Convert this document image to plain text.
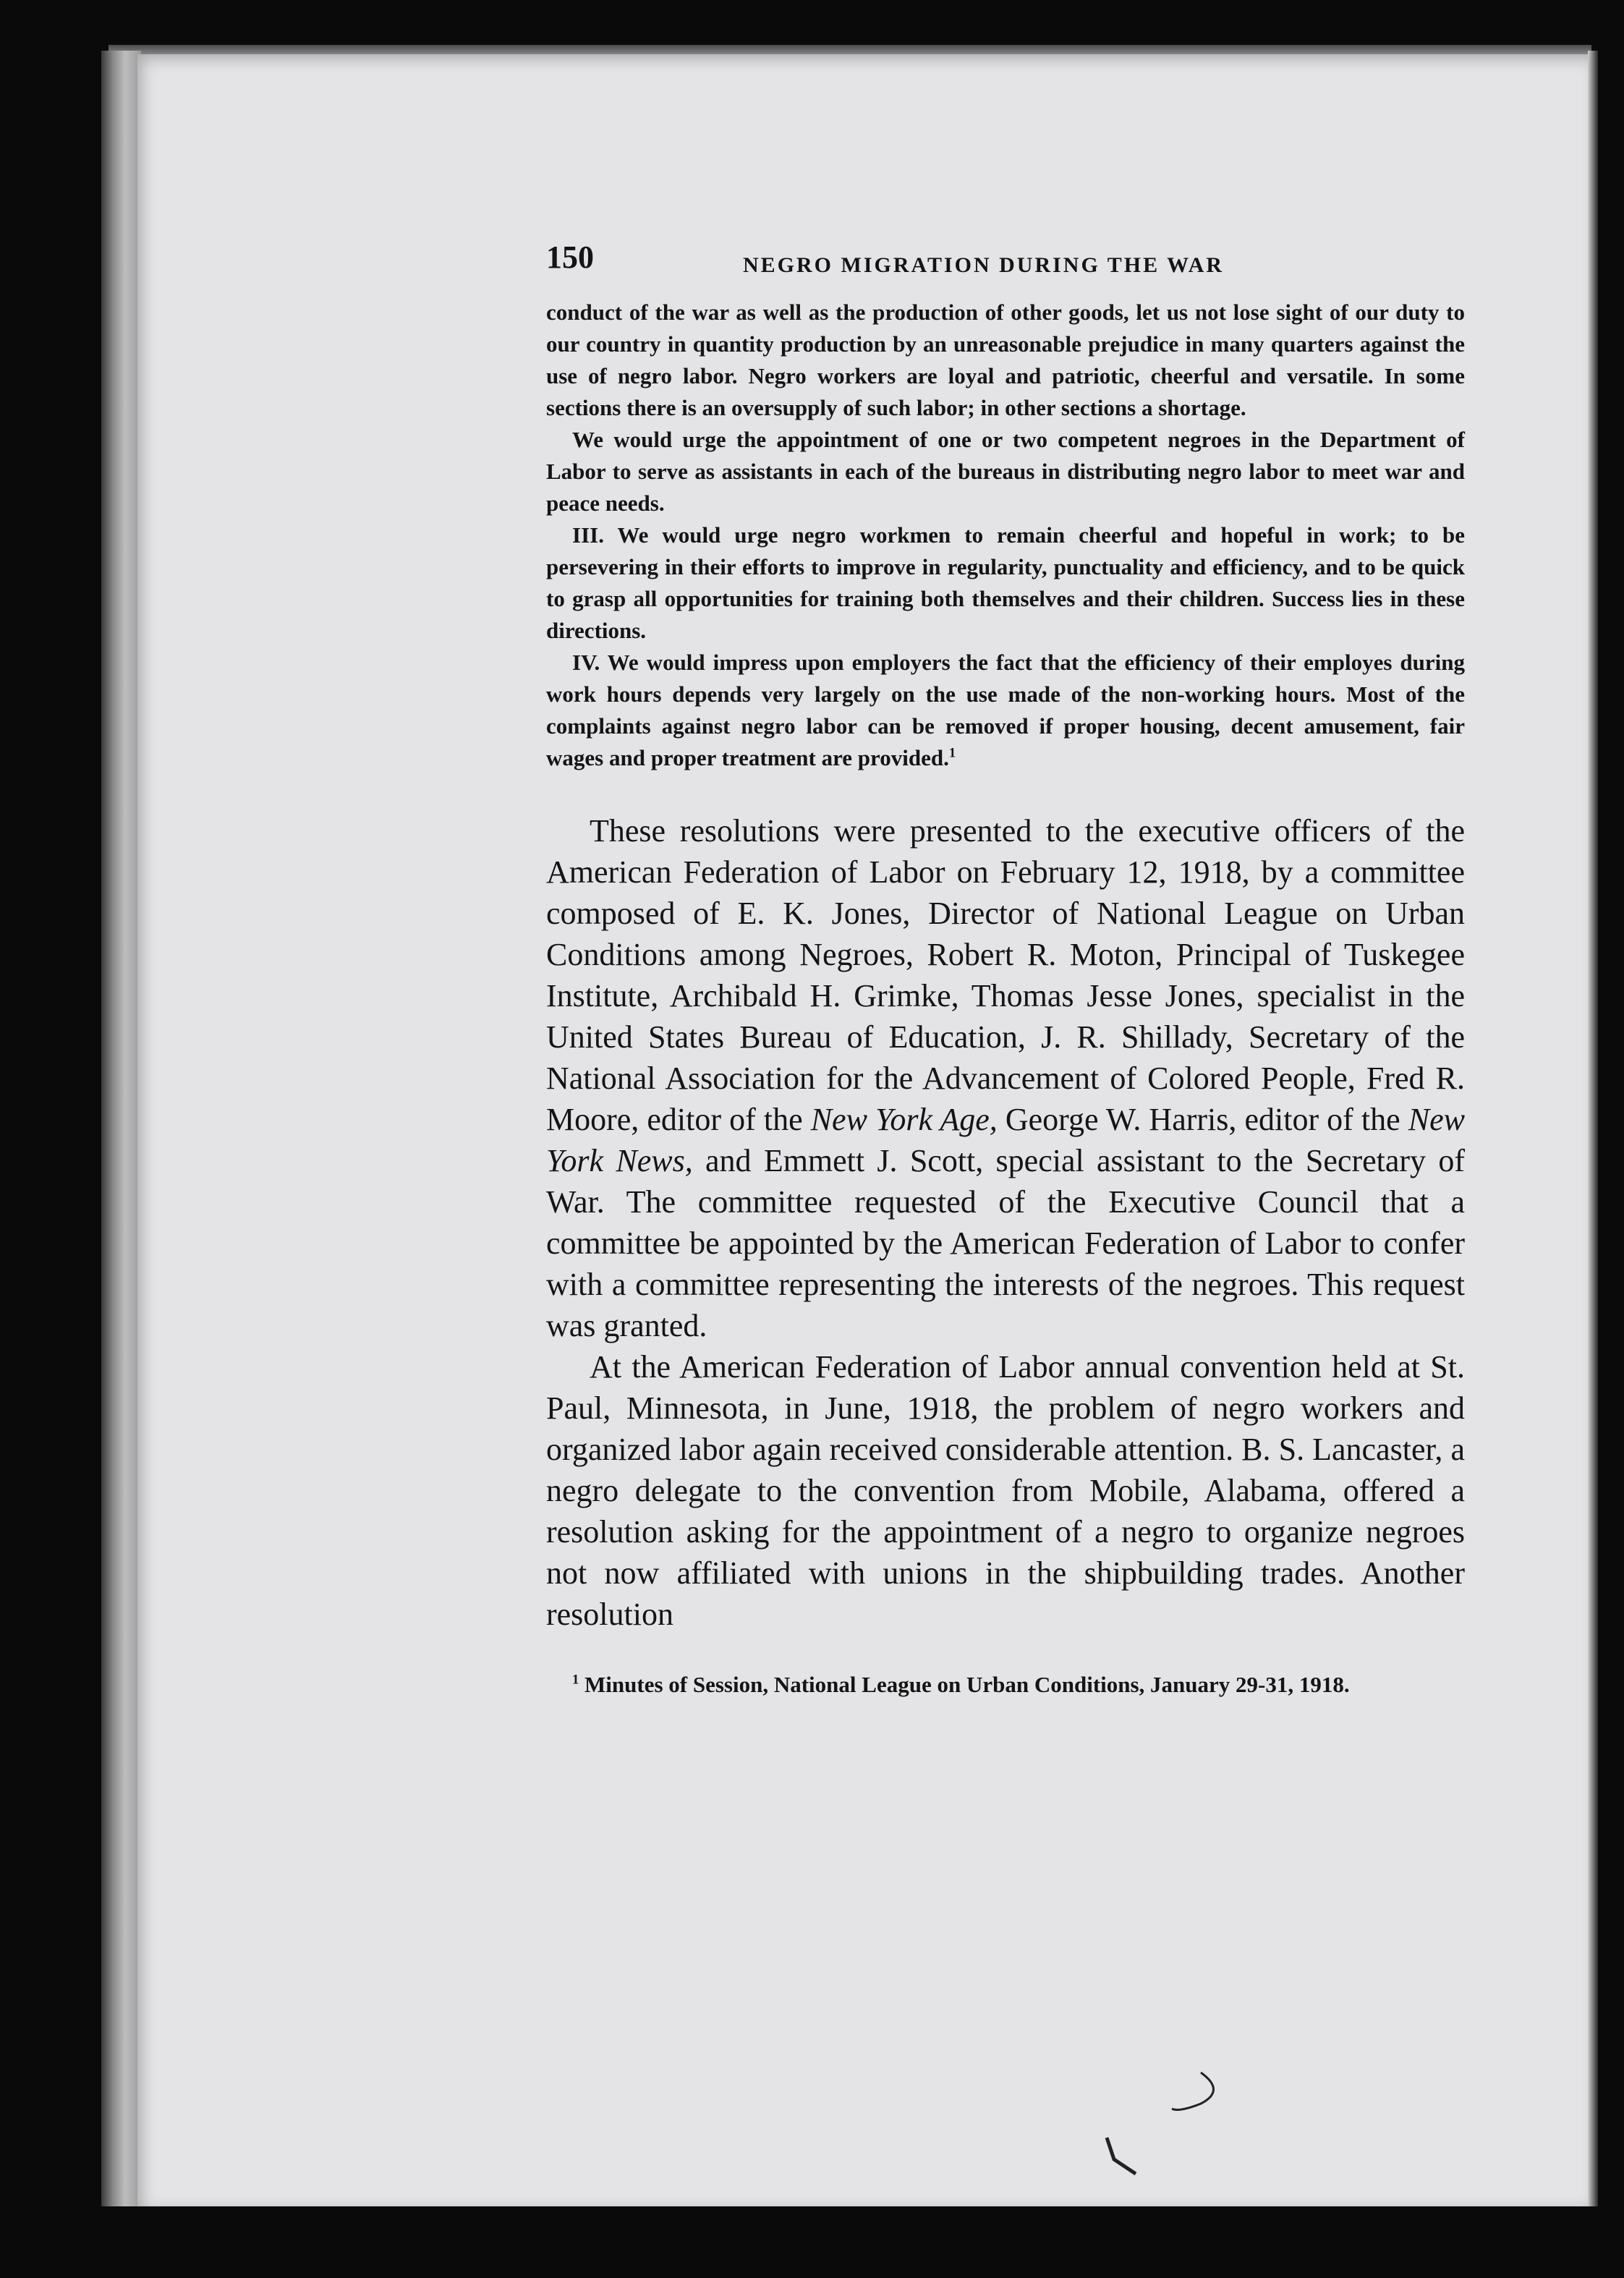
150	NEGRO MIGRATION DURING THE WAR

conduct of the war as well as the production of other goods, let us not lose sight of our duty to our country in quantity production by an unreasonable prejudice in many quarters against the use of negro labor. Negro workers are loyal and patriotic, cheerful and versatile. In some sections there is an oversupply of such labor; in other sections a shortage.

We would urge the appointment of one or two competent negroes in the Department of Labor to serve as assistants in each of the bureaus in distributing negro labor to meet war and peace needs.

III. We would urge negro workmen to remain cheerful and hopeful in work; to be persevering in their efforts to improve in regularity, punctuality and efficiency, and to be quick to grasp all opportunities for training both themselves and their children. Success lies in these directions.

IV. We would impress upon employers the fact that the efficiency of their employes during work hours depends very largely on the use made of the non-working hours. Most of the complaints against negro labor can be removed if proper housing, decent amusement, fair wages and proper treatment are provided.$^1$

These resolutions were presented to the executive officers of the American Federation of Labor on February 12, 1918, by a committee composed of E. K. Jones, Director of National League on Urban Conditions among Negroes, Robert R. Moton, Principal of Tuskegee Institute, Archibald H. Grimke, Thomas Jesse Jones, specialist in the United States Bureau of Education, J. R. Shillady, Secretary of the National Association for the Advancement of Colored People, Fred R. Moore, editor of the New York Age, George W. Harris, editor of the New York News, and Emmett J. Scott, special assistant to the Secretary of War. The committee requested of the Executive Council that a committee be appointed by the American Federation of Labor to confer with a committee representing the interests of the negroes. This request was granted.

At the American Federation of Labor annual convention held at St. Paul, Minnesota, in June, 1918, the problem of negro workers and organized labor again received considerable attention. B. S. Lancaster, a negro delegate to the convention from Mobile, Alabama, offered a resolution asking for the appointment of a negro to organize negroes not now affiliated with unions in the shipbuilding trades. Another resolution

$^1$ Minutes of Session, National League on Urban Conditions, January 29-31, 1918.
